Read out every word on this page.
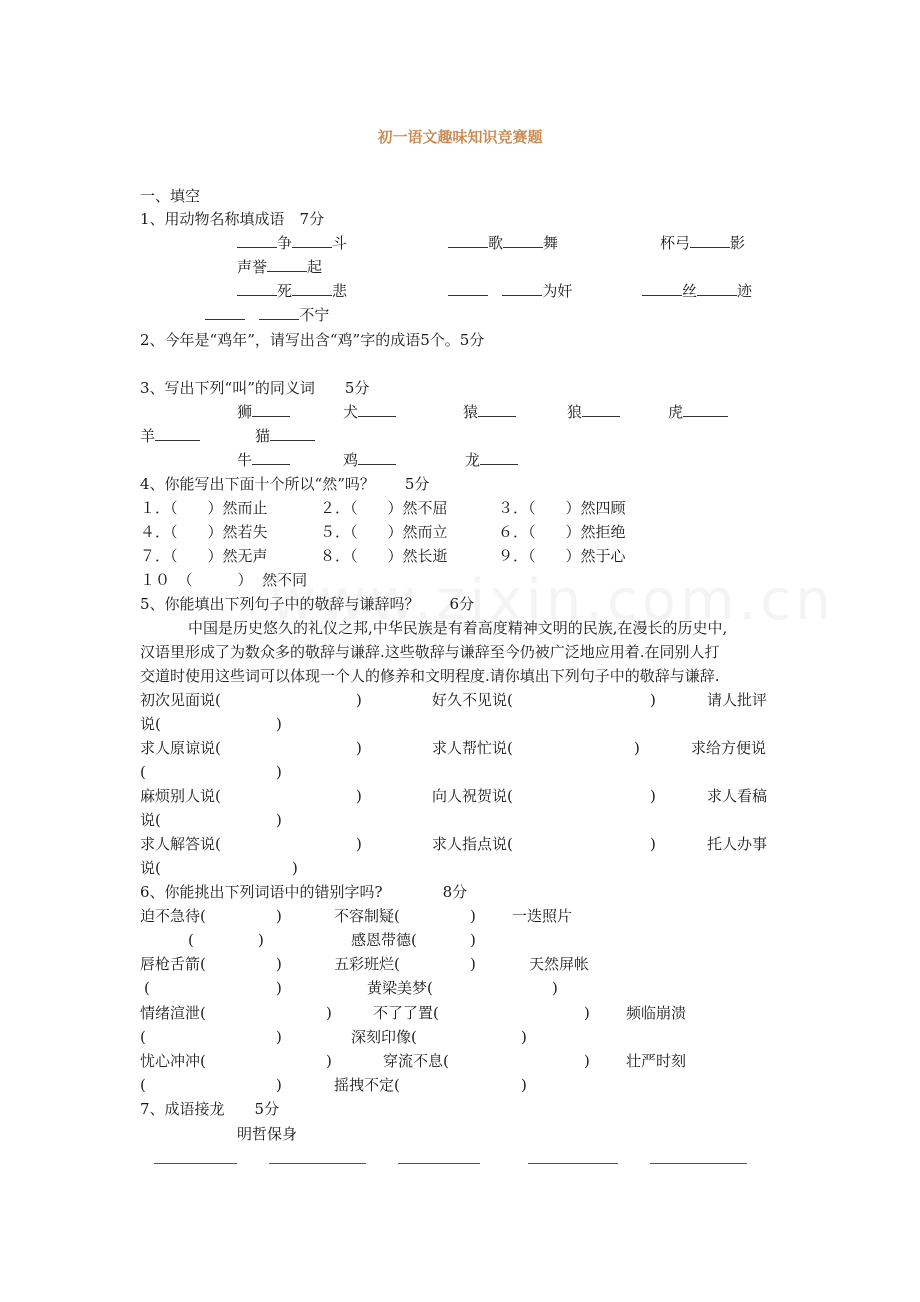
初一语文趣味知识竞赛题
一、填空
1、用动物名称填成语　7分
争	斗	歌	舞	杯弓	影
声誉	起
死	悲	为奸	丝	迹
不宁
2、今年是“鸡年”，请写出含“鸡”字的成语5个。5分
3、写出下列“叫”的同义词　　5分
狮	犬	猿	狼	虎
羊	猫
牛	鸡	龙
4、你能写出下面十个所以“然”吗？　　5分
１．（　　）然而止	２．（　　）然不屈	３．（　　）然四顾
４．（　　）然若失	５．（　　）然而立	６．（　　）然拒绝
７．（　　）然无声	８．（　　）然长逝	９．（　　）然于心
１０　（　　　） 然不同
5、你能填出下列句子中的敬辞与谦辞吗？　　6分
中国是历史悠久的礼仪之邦,中华民族是有着高度精神文明的民族,在漫长的历史中,
汉语里形成了为数众多的敬辞与谦辞.这些敬辞与谦辞至今仍被广泛地应用着.在同别人打
交道时使用这些词可以体现一个人的修养和文明程度.请你填出下列句子中的敬辞与谦辞.
初次见面说(	)	好久不见说(	)	请人批评
说(	)
求人原谅说(	)	求人帮忙说(	)	求给方便说
(	)
麻烦别人说(	)	向人祝贺说(	)	求人看稿
说(	)
求人解答说(	)	求人指点说(	)	托人办事
说(	)
6、你能挑出下列词语中的错别字吗?　　　　8分
迫不急待(	)	不容制疑(	) 一迭照片
(	)	感恩带德(	)
唇枪舌箭(	)	五彩班烂(	)	天然屏帐
(	)	黄梁美梦(	)
情绪渲泄(	)	不了了置(	) 频临崩溃
(	)	深刻印像(	)
忧心冲冲(	)	穿流不息(	) 壮严时刻
(	)	摇拽不定(	)
7、成语接龙　　5分
明哲保身
